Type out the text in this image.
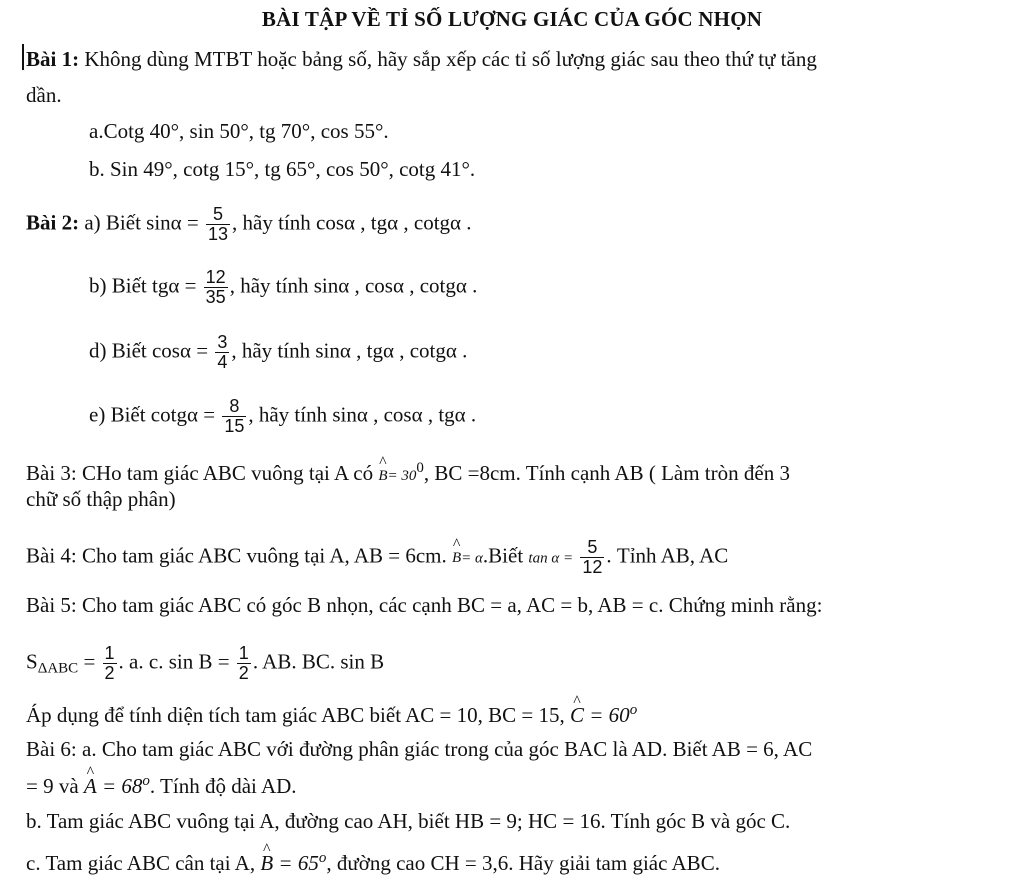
BÀI TẬP VỀ TỈ SỐ LƯỢNG GIÁC CỦA GÓC NHỌN
Bài 1: Không dùng MTBT hoặc bảng số, hãy sắp xếp các tỉ số lượng giác sau theo thứ tự tăng
dần.
a.Cotg 40°, sin 50°, tg 70°, cos 55°.
b. Sin 49°, cotg 15°, tg 65°, cos 50°, cotg 41°.
Bài 2: a) Biết $\sin\alpha = \frac{5}{13}$ , hãy tính cosα , tgα , cotgα .
b) Biết $tg\alpha = \frac{12}{35}$ , hãy tính sinα , cosα , cotgα .
d) Biết $\cos\alpha = \frac{3}{4}$ , hãy tính sinα , tgα , cotgα .
e) Biết $\cot g\alpha = \frac{8}{15}$ , hãy tính sinα , cosα , tgα .
Bài 3: CHo tam giác ABC vuông tại A có ^ $B= 30^0$, BC =8cm. Tính cạnh AB ( Làm tròn đến 3
chữ số thập phân)
Bài 4: Cho tam giác ABC vuông tại A, AB = 6cm. ^ B= α.Biết $\tan \alpha = \frac{5}{12}$ . Tỉnh AB, AC
Bài 5: Cho tam giác ABC có góc B nhọn, các cạnh BC = a, AC = b, AB = c. Chứng minh rằng:
$S_{\Delta ABC} = \frac{1}{2}$ . a. c. $\sin B = \frac{1}{2}$ . AB. BC. sin B
Áp dụng để tính diện tích tam giác ABC biết AC = 10, BC = 15, ^ $C = 60^o$
Bài 6: a. Cho tam giác ABC với đường phân giác trong của góc BAC là AD. Biết AB = 6, AC
= 9 và ^ $A = 68^o$. Tính độ dài AD.
b. Tam giác ABC vuông tại A, đường cao AH, biết HB = 9; HC = 16. Tính góc B và góc C.
c. Tam giác ABC cân tại A, ^ $B = 65^o$, đường cao CH = 3,6. Hãy giải tam giác ABC.
